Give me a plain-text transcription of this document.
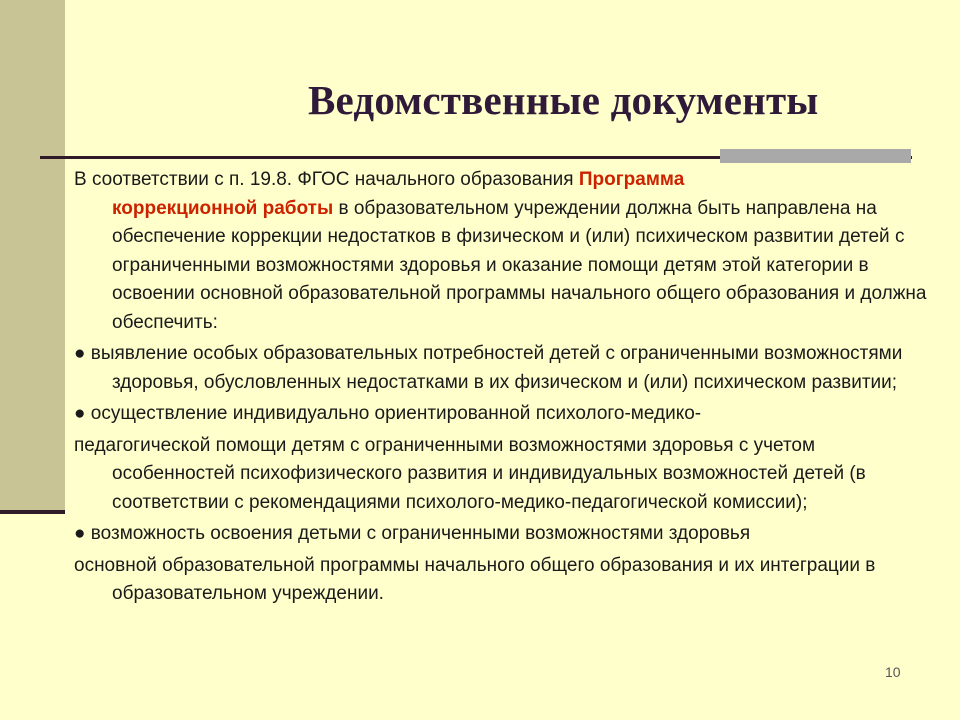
Ведомственные документы

В соответствии с п. 19.8. ФГОС начального образования Программа
коррекционной работы в образовательном учреждении должна быть направлена на обеспечение коррекции недостатков в физическом и (или) психическом развитии детей с ограниченными возможностями здоровья и оказание помощи детям этой категории в освоении основной образовательной программы начального общего образования и должна обеспечить:

● выявление особых образовательных потребностей детей с ограниченными возможностями здоровья, обусловленных недостатками в их физическом и (или) психическом развитии;

● осуществление индивидуально ориентированной психолого-медико-

педагогической помощи детям с ограниченными возможностями здоровья с учетом особенностей психофизического развития и индивидуальных возможностей детей (в соответствии с рекомендациями психолого-медико-педагогической комиссии);

● возможность освоения детьми с ограниченными возможностями здоровья

основной образовательной программы начального общего образования и их интеграции в образовательном учреждении.

10
